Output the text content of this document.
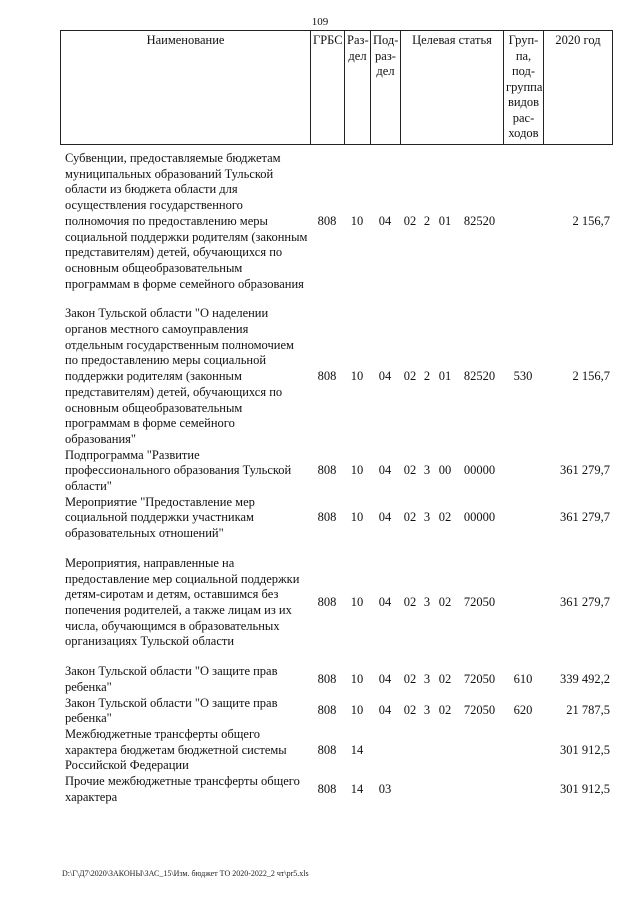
109
Наименование	ГРБС	Раз-дел	Под-раз-дел	Целевая статья	Груп-па, под-группа видов рас-ходов	2020 год
Субвенции, предоставляемые бюджетам муниципальных образований Тульской области из бюджета области для осуществления государственного полномочия по предоставлению меры социальной поддержки родителям (законным представителям) детей, обучающихся по основным общеобразовательным программам в форме семейного образования	808	10	04	02	2	01	82520		2 156,7

Закон Тульской области "О наделении органов местного самоуправления отдельным государственным полномочием по предоставлению меры социальной поддержки родителям (законным представителям) детей, обучающихся по основным общеобразовательным программам в форме семейного образования"	808	10	04	02	2	01	82520	530	2 156,7
Подпрограмма "Развитие профессионального образования Тульской области"	808	10	04	02	3	00	00000		361 279,7
Мероприятие "Предоставление мер социальной поддержки участникам образовательных отношений"	808	10	04	02	3	02	00000		361 279,7

Мероприятия, направленные на предоставление мер социальной поддержки детям-сиротам и детям, оставшимся без попечения родителей, а также лицам из их числа, обучающимся в образовательных организациях Тульской области	808	10	04	02	3	02	72050		361 279,7

Закон Тульской области "О защите прав ребенка"	808	10	04	02	3	02	72050	610	339 492,2
Закон Тульской области "О защите прав ребенка"	808	10	04	02	3	02	72050	620	21 787,5
Межбюджетные трансферты общего характера бюджетам бюджетной системы Российской Федерации	808	14							301 912,5
Прочие межбюджетные трансферты общего характера	808	14	03						301 912,5
D:\Г\Д7\2020\ЗАКОНЫ\ЗАС_15\Изм. бюджет ТО 2020-2022_2 чт\pr5.xls
